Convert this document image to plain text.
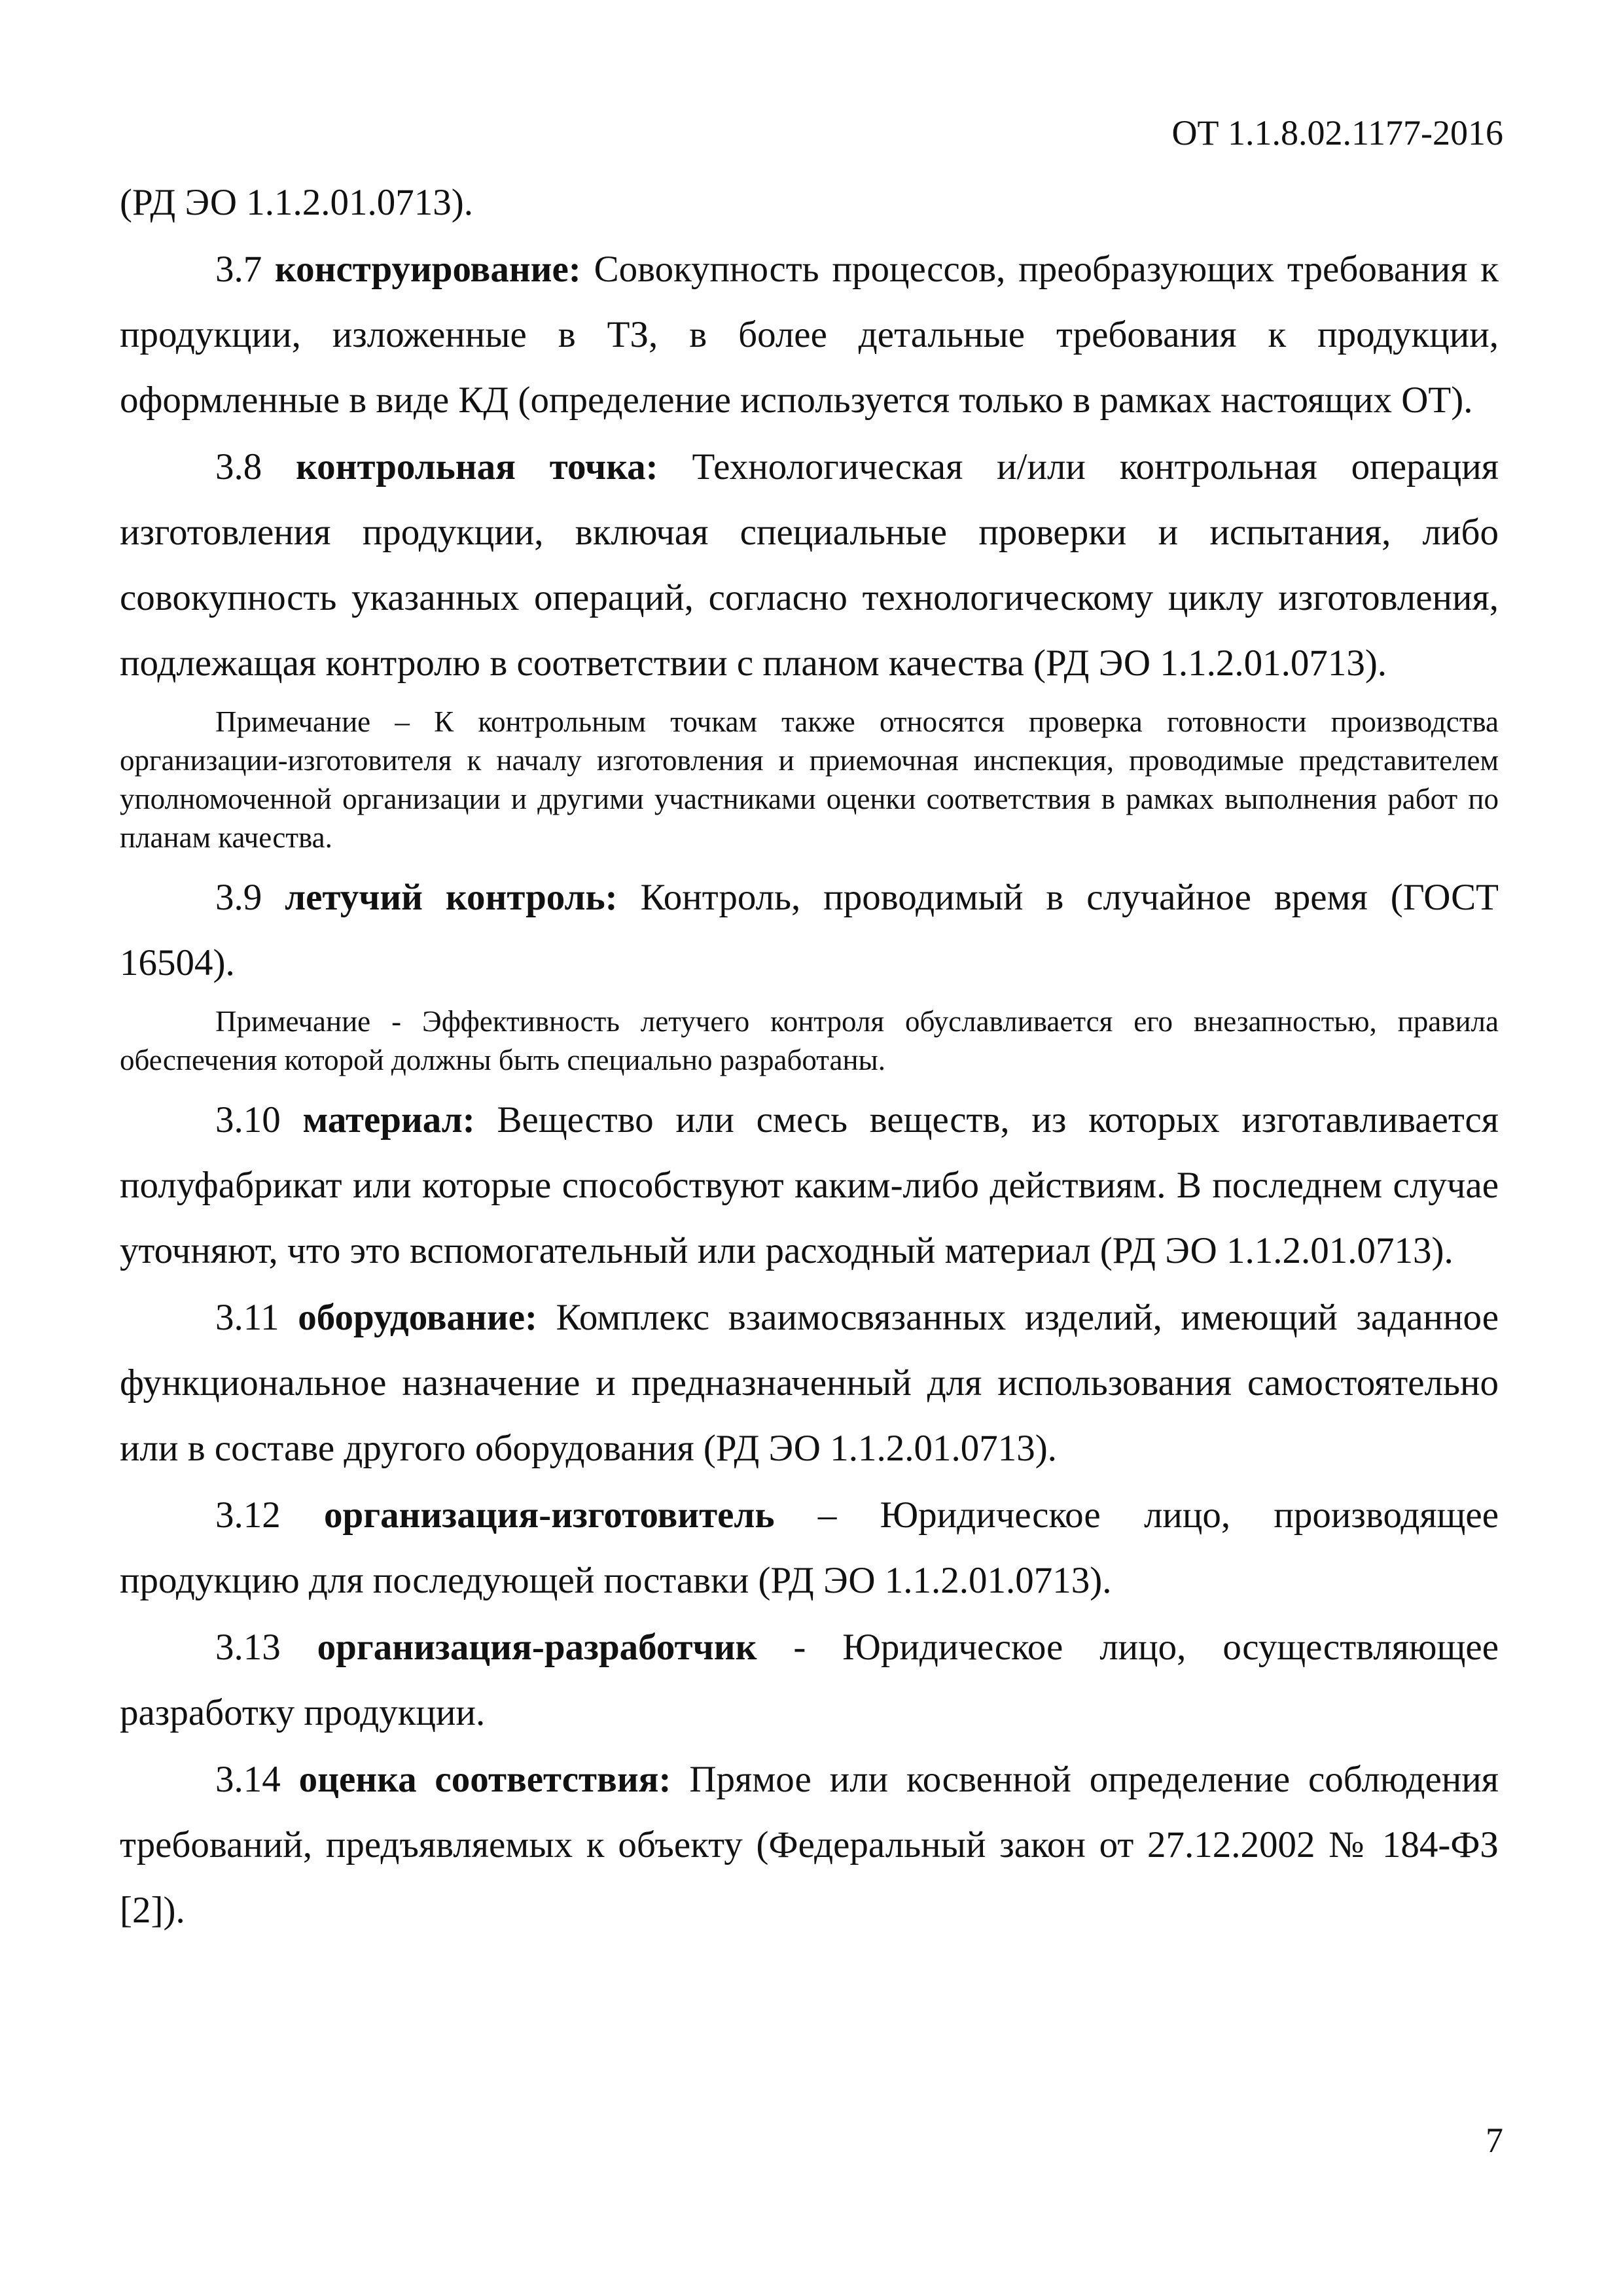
ОТ 1.1.8.02.1177-2016

(РД ЭО 1.1.2.01.0713).

3.7 конструирование: Совокупность процессов, преобразующих требования к продукции, изложенные в ТЗ, в более детальные требования к продукции, оформленные в виде КД (определение используется только в рамках настоящих ОТ).

3.8 контрольная точка: Технологическая и/или контрольная операция изготовления продукции, включая специальные проверки и испытания, либо совокупность указанных операций, согласно технологическому циклу изготовления, подлежащая контролю в соответствии с планом качества (РД ЭО 1.1.2.01.0713).

Примечание – К контрольным точкам также относятся проверка готовности производства организации-изготовителя к началу изготовления и приемочная инспекция, проводимые представителем уполномоченной организации и другими участниками оценки соответствия в рамках выполнения работ по планам качества.

3.9 летучий контроль: Контроль, проводимый в случайное время (ГОСТ 16504).

Примечание - Эффективность летучего контроля обуславливается его внезапностью, правила обеспечения которой должны быть специально разработаны.

3.10 материал: Вещество или смесь веществ, из которых изготавливается полуфабрикат или которые способствуют каким-либо действиям. В последнем случае уточняют, что это вспомогательный или расходный материал (РД ЭО 1.1.2.01.0713).

3.11 оборудование: Комплекс взаимосвязанных изделий, имеющий заданное функциональное назначение и предназначенный для использования самостоятельно или в составе другого оборудования (РД ЭО 1.1.2.01.0713).

3.12 организация-изготовитель – Юридическое лицо, производящее продукцию для последующей поставки (РД ЭО 1.1.2.01.0713).

3.13 организация-разработчик - Юридическое лицо, осуществляющее разработку продукции.

3.14 оценка соответствия: Прямое или косвенной определение соблюдения требований, предъявляемых к объекту (Федеральный закон от 27.12.2002 № 184-ФЗ [2]).

7
